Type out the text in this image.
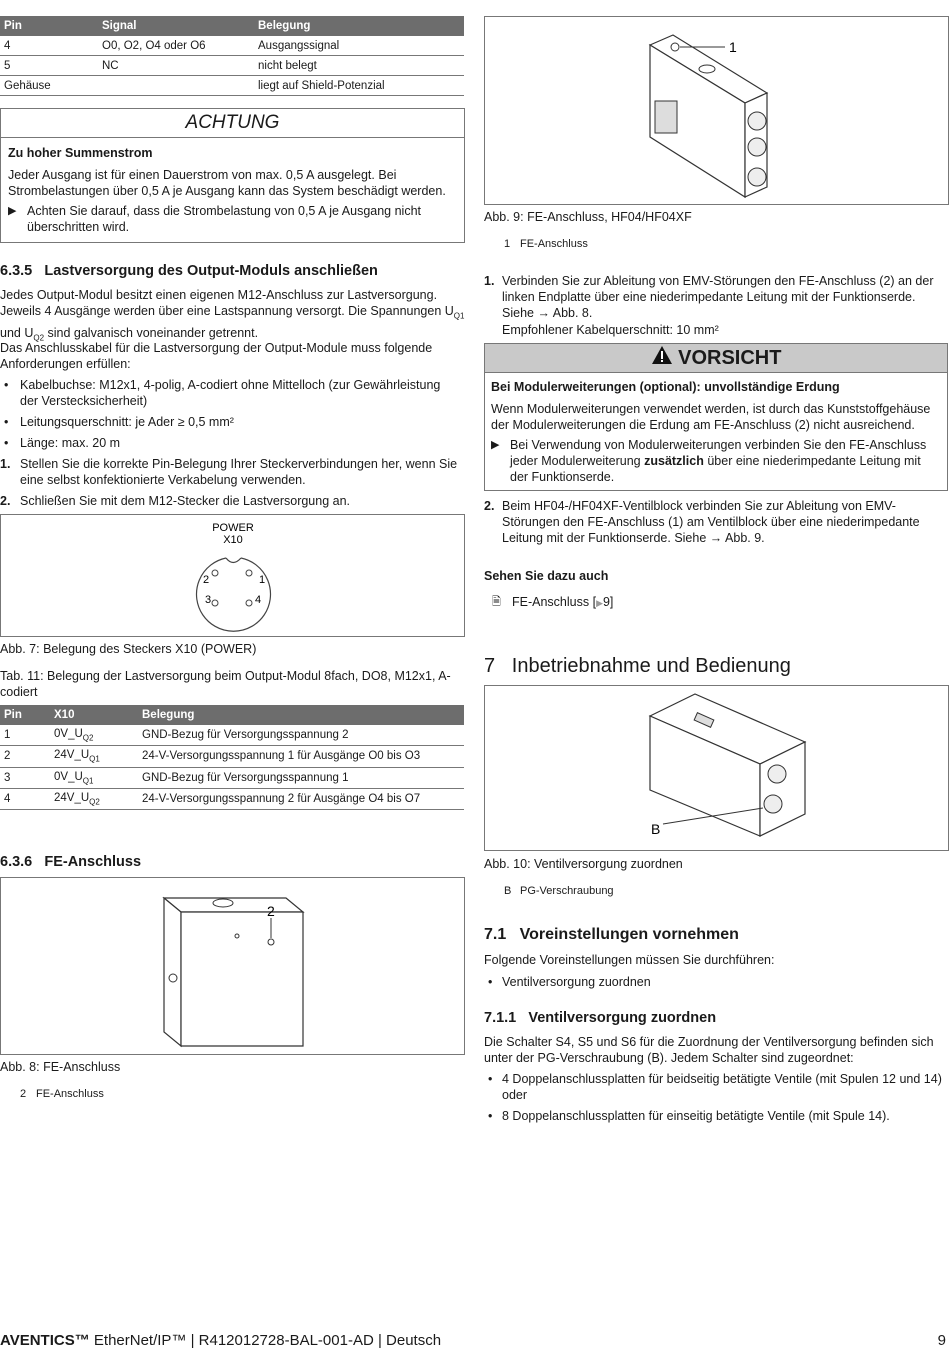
Pin	Signal	Belegung
4	O0, O2, O4 oder O6	Ausgangssignal
5	NC	nicht belegt
Gehäuse		liegt auf Shield-Potenzial
ACHTUNG
Zu hoher Summenstrom
Jeder Ausgang ist für einen Dauerstrom von max. 0,5 A ausgelegt. Bei Strombelastungen über 0,5 A je Ausgang kann das System beschädigt werden.
▶ Achten Sie darauf, dass die Strombelastung von 0,5 A je Ausgang nicht überschritten wird.
6.3.5 Lastversorgung des Output-Moduls anschließen
Jedes Output-Modul besitzt einen eigenen M12-Anschluss zur Lastversorgung. Jeweils 4 Ausgänge werden über eine Lastspannung versorgt. Die Spannungen $U_{Q1}$ und $U_{Q2}$ sind galvanisch voneinander getrennt.
Das Anschlusskabel für die Lastversorgung der Output-Module muss folgende Anforderungen erfüllen:
• Kabelbuchse: M12x1, 4-polig, A-codiert ohne Mittelloch (zur Gewährleistung der Verstecksicherheit)
• Leitungsquerschnitt: je Ader ≥ 0,5 mm²
• Länge: max. 20 m
1. Stellen Sie die korrekte Pin-Belegung Ihrer Steckerverbindungen her, wenn Sie eine selbst konfektionierte Verkabelung verwenden.
2. Schließen Sie mit dem M12-Stecker die Lastversorgung an.
POWER
X10
1
2
3	4
Abb. 7: Belegung des Steckers X10 (POWER)
Tab. 11: Belegung der Lastversorgung beim Output-Modul 8fach, DO8, M12x1, A-codiert
Pin	X10	Belegung
1	$0V\_U_{Q2}$	GND-Bezug für Versorgungsspannung 2
2	$24V\_U_{Q1}$	24-V-Versorgungsspannung 1 für Ausgänge O0 bis O3
3	$0V\_U_{Q1}$	GND-Bezug für Versorgungsspannung 1
4	$24V\_U_{Q2}$	24-V-Versorgungsspannung 2 für Ausgänge O4 bis O7
6.3.6 FE-Anschluss
2
Abb. 8: FE-Anschluss
2 FE-Anschluss
1
Abb. 9: FE-Anschluss, HF04/HF04XF
1 FE-Anschluss
1. Verbinden Sie zur Ableitung von EMV-Störungen den FE-Anschluss (2) an der linken Endplatte über eine niederimpedante Leitung mit der Funktionserde. Siehe → Abb. 8.
Empfohlener Kabelquerschnitt: 10 mm²
VORSICHT
Bei Modulerweiterungen (optional): unvollständige Erdung
Wenn Modulerweiterungen verwendet werden, ist durch das Kunststoffgehäuse der Modulerweiterungen die Erdung am FE-Anschluss (2) nicht ausreichend.
▶ Bei Verwendung von Modulerweiterungen verbinden Sie den FE-Anschluss jeder Modulerweiterung zusätzlich über eine niederimpedante Leitung mit der Funktionserde.
2. Beim HF04-/HF04XF-Ventilblock verbinden Sie zur Ableitung von EMV-Störungen den FE-Anschluss (1) am Ventilblock über eine niederimpedante Leitung mit der Funktionserde. Siehe → Abb. 9.
Sehen Sie dazu auch
🗎 FE-Anschluss [▶9]
7 Inbetriebnahme und Bedienung
B
Abb. 10: Ventilversorgung zuordnen
B PG-Verschraubung
7.1 Voreinstellungen vornehmen
Folgende Voreinstellungen müssen Sie durchführen:
• Ventilversorgung zuordnen
7.1.1 Ventilversorgung zuordnen
Die Schalter S4, S5 und S6 für die Zuordnung der Ventilversorgung befinden sich unter der PG-Verschraubung (B). Jedem Schalter sind zugeordnet:
• 4 Doppelanschlussplatten für beidseitig betätigte Ventile (mit Spulen 12 und 14) oder
• 8 Doppelanschlussplatten für einseitig betätigte Ventile (mit Spule 14).
AVENTICS™ EtherNet/IP™ | R412012728-BAL-001-AD | Deutsch	9
